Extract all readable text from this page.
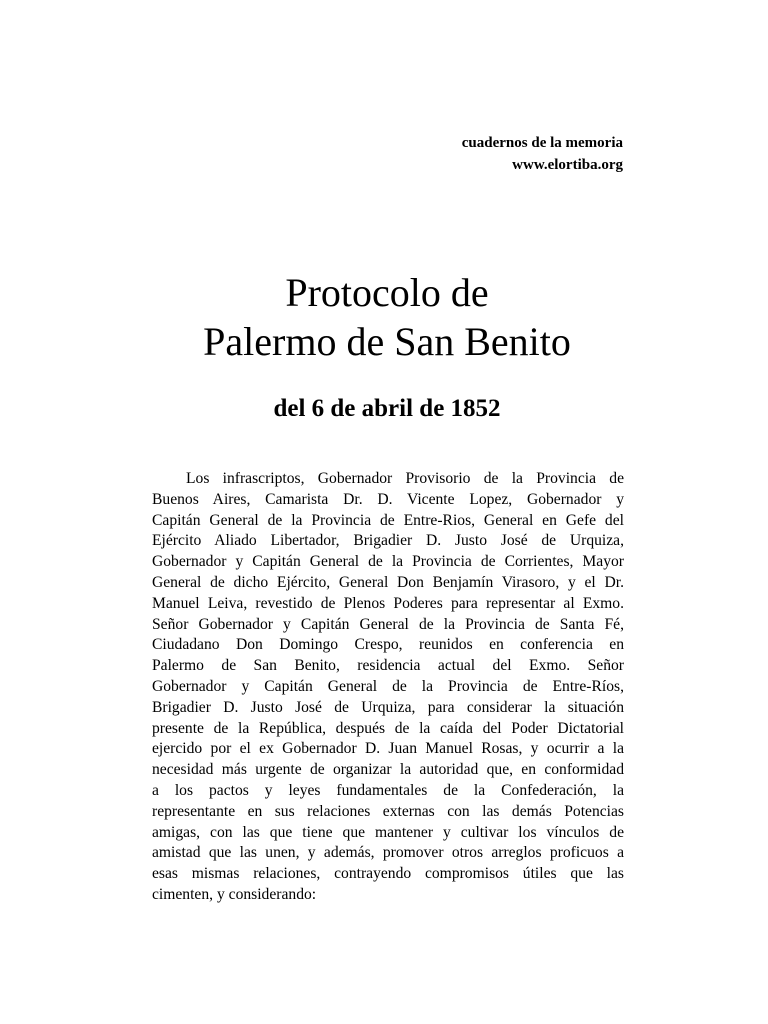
cuadernos de la memoria
www.elortiba.org
Protocolo de
Palermo de San Benito
del 6 de abril de 1852
Los infrascriptos, Gobernador Provisorio de la Provincia de
Buenos Aires, Camarista Dr. D. Vicente Lopez, Gobernador y
Capitán General de la Provincia de Entre-Rios, General en Gefe del
Ejército Aliado Libertador, Brigadier D. Justo José de Urquiza,
Gobernador y Capitán General de la Provincia de Corrientes, Mayor
General de dicho Ejército, General Don Benjamín Virasoro, y el Dr.
Manuel Leiva, revestido de Plenos Poderes para representar al Exmo.
Señor Gobernador y Capitán General de la Provincia de Santa Fé,
Ciudadano Don Domingo Crespo, reunidos en conferencia en
Palermo de San Benito, residencia actual del Exmo. Señor
Gobernador y Capitán General de la Provincia de Entre-Ríos,
Brigadier D. Justo José de Urquiza, para considerar la situación
presente de la República, después de la caída del Poder Dictatorial
ejercido por el ex Gobernador D. Juan Manuel Rosas, y ocurrir a la
necesidad más urgente de organizar la autoridad que, en conformidad
a los pactos y leyes fundamentales de la Confederación, la
representante en sus relaciones externas con las demás Potencias
amigas, con las que tiene que mantener y cultivar los vínculos de
amistad que las unen, y además, promover otros arreglos proficuos a
esas mismas relaciones, contrayendo compromisos útiles que las
cimenten, y considerando:
